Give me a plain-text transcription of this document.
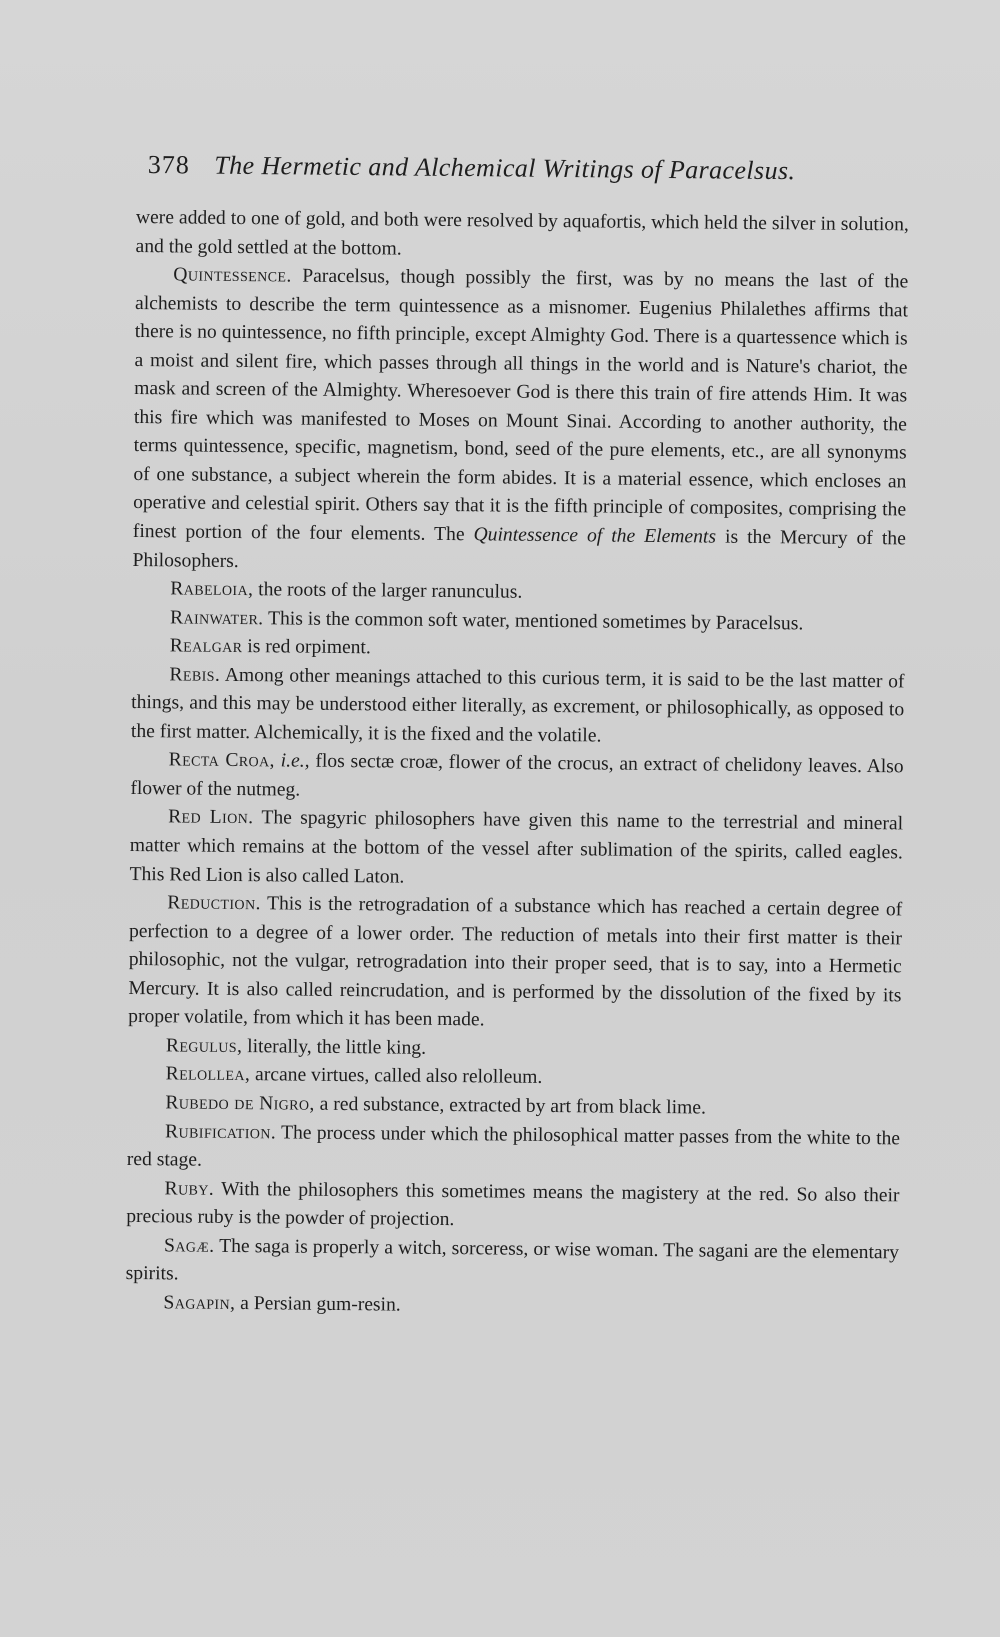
378 The Hermetic and Alchemical Writings of Paracelsus.

were added to one of gold, and both were resolved by aquafortis, which held the silver in solution, and the gold settled at the bottom.

Quintessence. Paracelsus, though possibly the first, was by no means the last of the alchemists to describe the term quintessence as a misnomer. Eugenius Philalethes affirms that there is no quintessence, no fifth principle, except Almighty God. There is a quartessence which is a moist and silent fire, which passes through all things in the world and is Nature's chariot, the mask and screen of the Almighty. Wheresoever God is there this train of fire attends Him. It was this fire which was manifested to Moses on Mount Sinai. According to another authority, the terms quintessence, specific, magnetism, bond, seed of the pure elements, etc., are all synonyms of one substance, a subject wherein the form abides. It is a material essence, which encloses an operative and celestial spirit. Others say that it is the fifth principle of composites, comprising the finest portion of the four elements. The Quintessence of the Elements is the Mercury of the Philosophers.

Rabeloia, the roots of the larger ranunculus.

Rainwater. This is the common soft water, mentioned sometimes by Paracelsus.

Realgar is red orpiment.

Rebis. Among other meanings attached to this curious term, it is said to be the last matter of things, and this may be understood either literally, as excrement, or philosophically, as opposed to the first matter. Alchemically, it is the fixed and the volatile.

Recta Croa, i.e., flos sectæ croæ, flower of the crocus, an extract of chelidony leaves. Also flower of the nutmeg.

Red Lion. The spagyric philosophers have given this name to the terrestrial and mineral matter which remains at the bottom of the vessel after sublimation of the spirits, called eagles. This Red Lion is also called Laton.

Reduction. This is the retrogradation of a substance which has reached a certain degree of perfection to a degree of a lower order. The reduction of metals into their first matter is their philosophic, not the vulgar, retrogradation into their proper seed, that is to say, into a Hermetic Mercury. It is also called reincrudation, and is performed by the dissolution of the fixed by its proper volatile, from which it has been made.

Regulus, literally, the little king.

Relollea, arcane virtues, called also relolleum.

Rubedo de Nigro, a red substance, extracted by art from black lime.

Rubification. The process under which the philosophical matter passes from the white to the red stage.

Ruby. With the philosophers this sometimes means the magistery at the red. So also their precious ruby is the powder of projection.

Sagæ. The saga is properly a witch, sorceress, or wise woman. The sagani are the elementary spirits.

Sagapin, a Persian gum-resin.
